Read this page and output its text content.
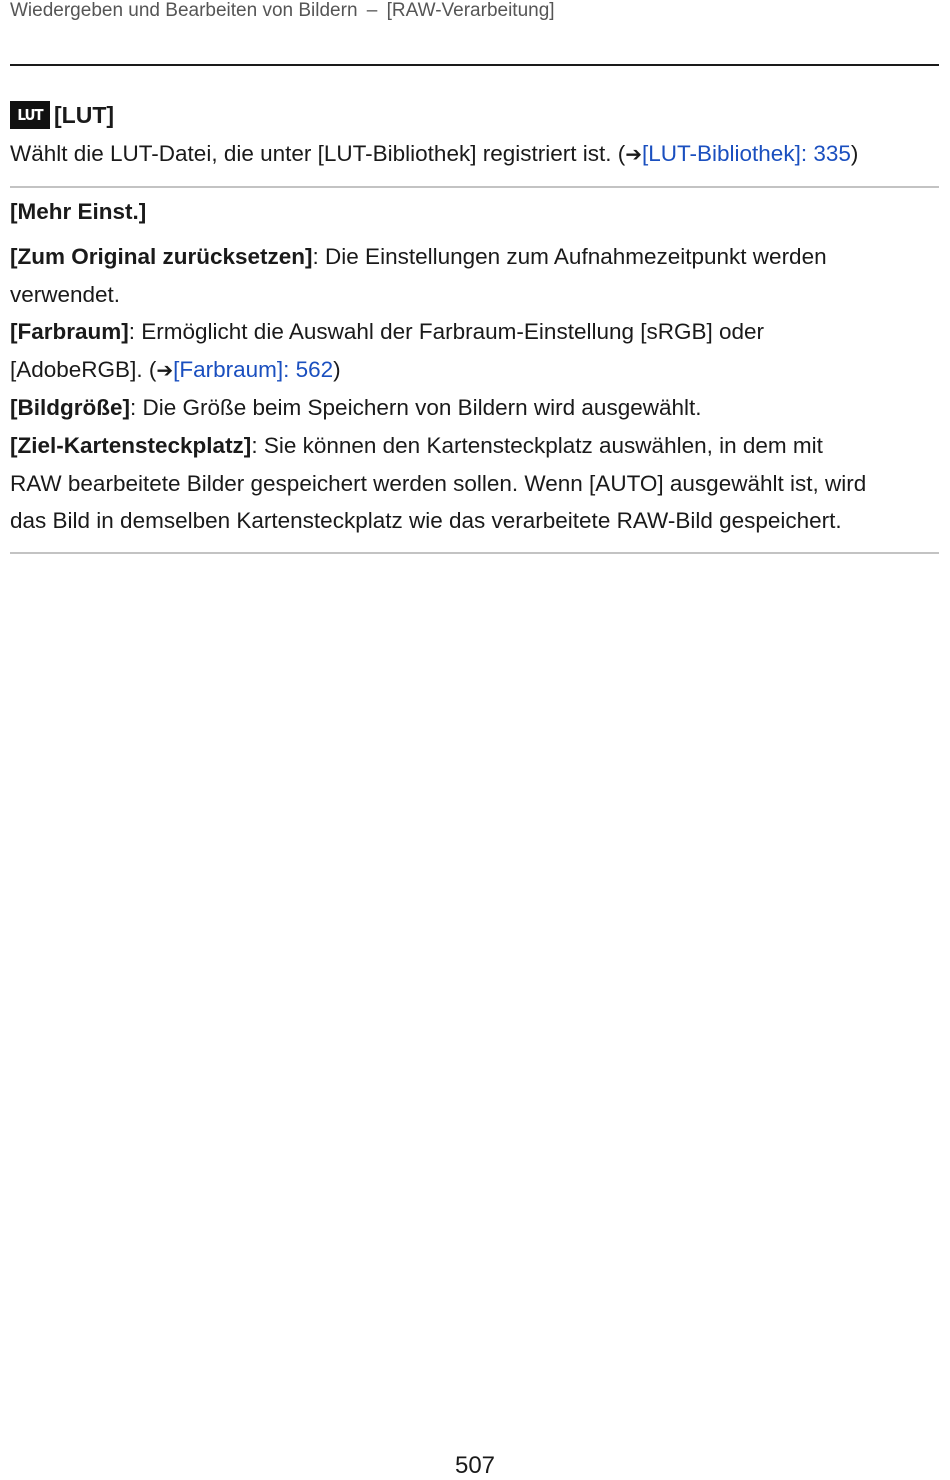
Wiedergeben und Bearbeiten von Bildern – [RAW-Verarbeitung]
LUT [LUT]
Wählt die LUT-Datei, die unter [LUT-Bibliothek] registriert ist. (➔[LUT-Bibliothek]: 335)
[Mehr Einst.]
[Zum Original zurücksetzen]: Die Einstellungen zum Aufnahmezeitpunkt werden
verwendet.
[Farbraum]: Ermöglicht die Auswahl der Farbraum-Einstellung [sRGB] oder
[AdobeRGB]. (➔[Farbraum]: 562)
[Bildgröße]: Die Größe beim Speichern von Bildern wird ausgewählt.
[Ziel-Kartensteckplatz]: Sie können den Kartensteckplatz auswählen, in dem mit
RAW bearbeitete Bilder gespeichert werden sollen. Wenn [AUTO] ausgewählt ist, wird
das Bild in demselben Kartensteckplatz wie das verarbeitete RAW-Bild gespeichert.
507
